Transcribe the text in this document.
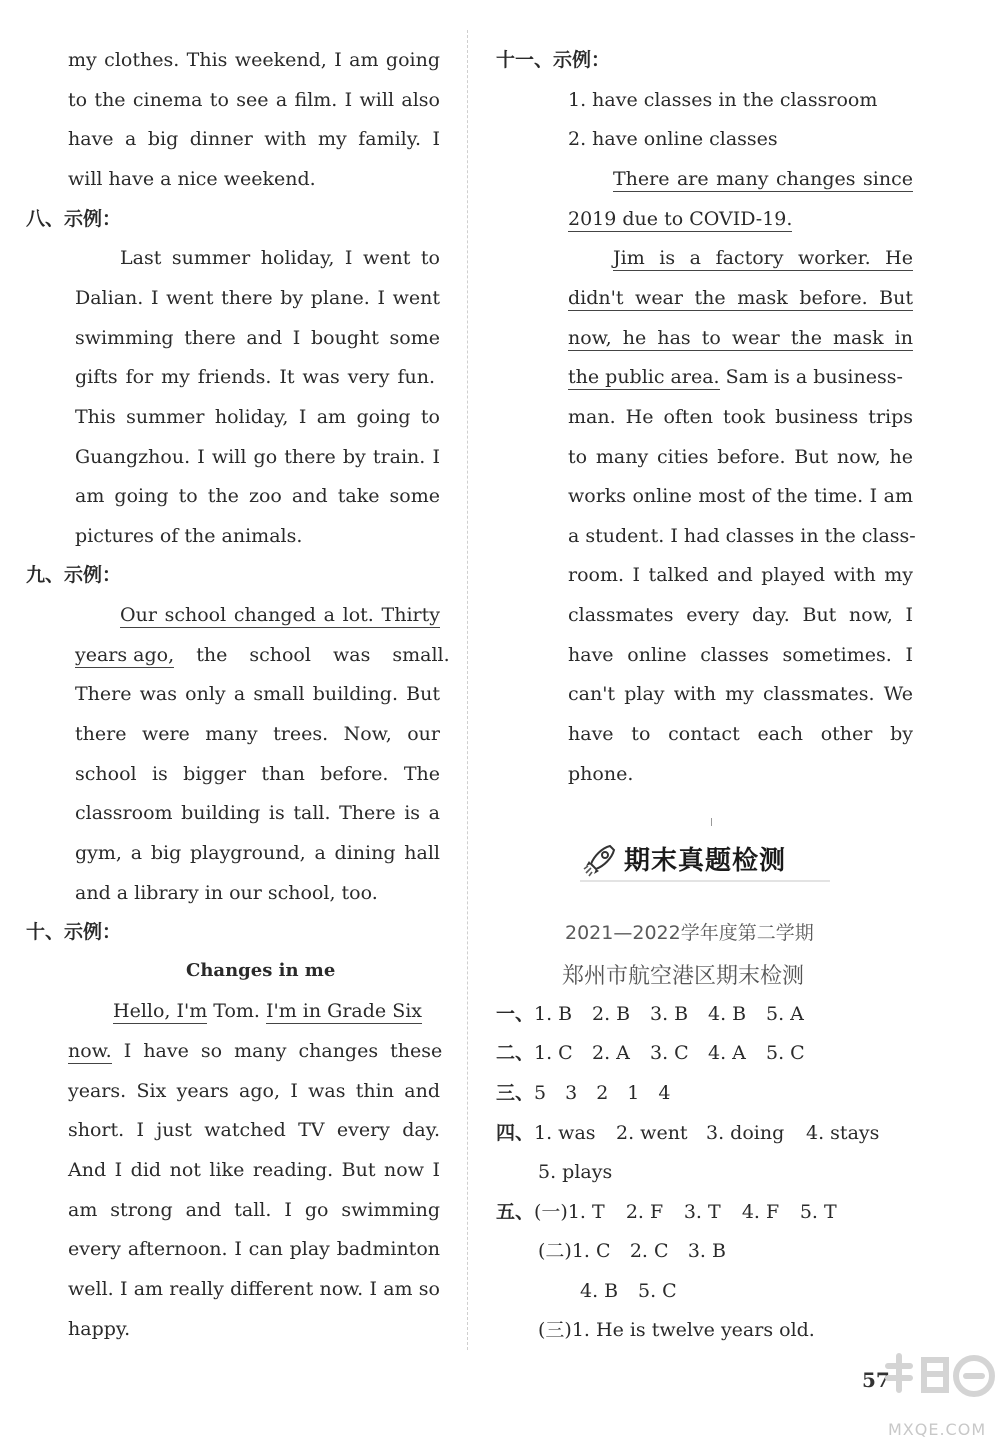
my clothes. This weekend, I am going
to the cinema to see a film. I will also
have a big dinner with my family. I
will have a nice weekend.
八、示例：
Last summer holiday, I went to
Dalian. I went there by plane. I went
swimming there and I bought some
gifts for my friends. It was very fun.
This summer holiday, I am going to
Guangzhou. I will go there by train. I
am going to the zoo and take some
pictures of the animals.
九、示例：
Our school changed a lot. Thirty
years ago, the school was small.
There was only a small building. But
there were many trees. Now, our
school is bigger than before. The
classroom building is tall. There is a
gym, a big playground, a dining hall
and a library in our school, too.
十、示例：
Changes in me
Hello, I'm Tom. I'm in Grade Six
now. I have so many changes these
years. Six years ago, I was thin and
short. I just watched TV every day.
And I did not like reading. But now I
am strong and tall. I go swimming
every afternoon. I can play badminton
well. I am really different now. I am so
happy.
十一、示例：
1. have classes in the classroom
2. have online classes
There are many changes since
2019 due to COVID-19.
Jim is a factory worker. He
didn't wear the mask before. But
now, he has to wear the mask in
the public area. Sam is a business-
man. He often took business trips
to many cities before. But now, he
works online most of the time. I am
a student. I had classes in the class-
room. I talked and played with my
classmates every day. But now, I
have online classes sometimes. I
can't play with my classmates. We
have to contact each other by
phone.
期末真题检测
2021—2022学年度第二学期
郑州市航空港区期末检测
一、1. B 2. B 3. B 4. B 5. A
二、1. C 2. A 3. C 4. A 5. C
三、5　3　2　1　4
四、1. was 2. went 3. doing 4. stays
5. plays
五、(一)1. T 2. F 3. T 4. F 5. T
(二)1. C 2. C 3. B
4. B 5. C
(三)1. He is twelve years old.
57
MXQE.COM
